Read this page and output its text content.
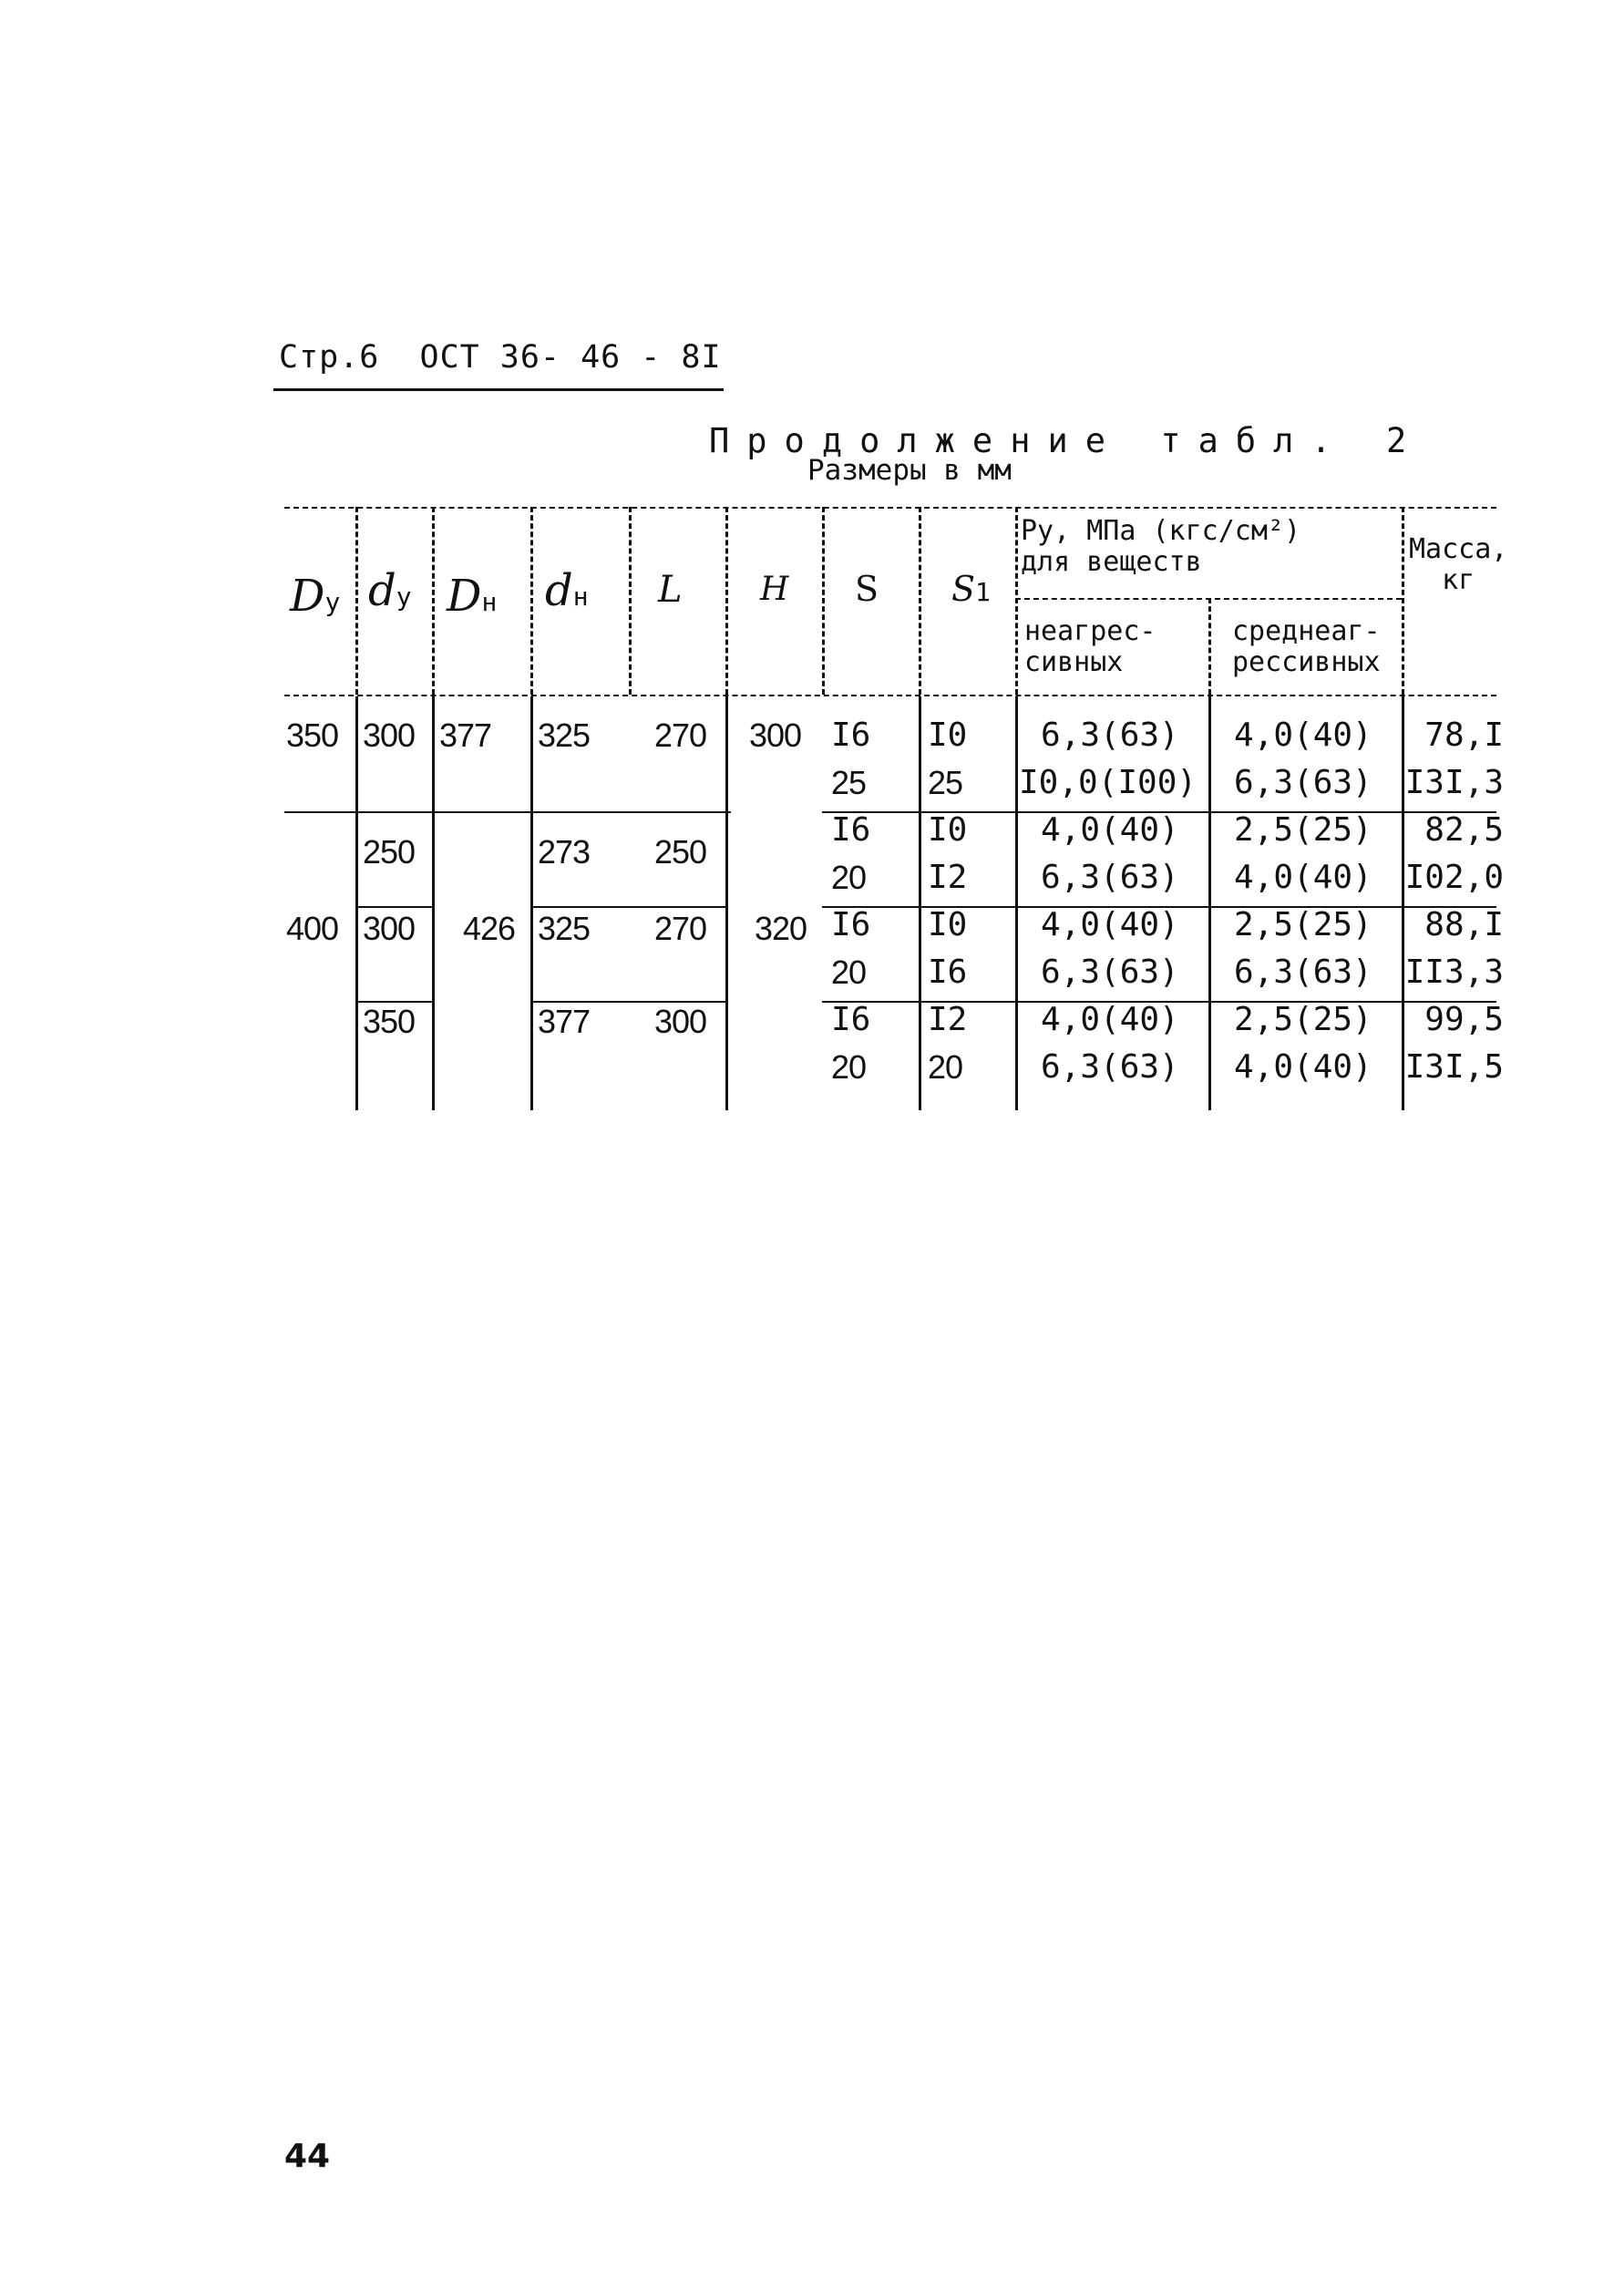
Стр.6  ОСТ 36- 46 - 8I
Продолжение табл. 2
Размеры в мм
Dу dу Dн dн L H S S1
Pу, МПа (кгс/см²)
для веществ
неагрес-
сивных
среднеаг-
рессивных
Масса,
кг
350
400
377
426
300
320
300
250
300
350
325
273
325
377
270
250
270
300
I6
25
I6
20
I6
20
I6
20
I0
25
I0
I2
I0
I6
I2
20
6,3(63)
I0,0(I00)
4,0(40)
6,3(63)
4,0(40)
6,3(63)
4,0(40)
6,3(63)
4,0(40)
6,3(63)
2,5(25)
4,0(40)
2,5(25)
6,3(63)
2,5(25)
4,0(40)
78,I
I3I,3
82,5
I02,0
88,I
II3,3
99,5
I3I,5
44
